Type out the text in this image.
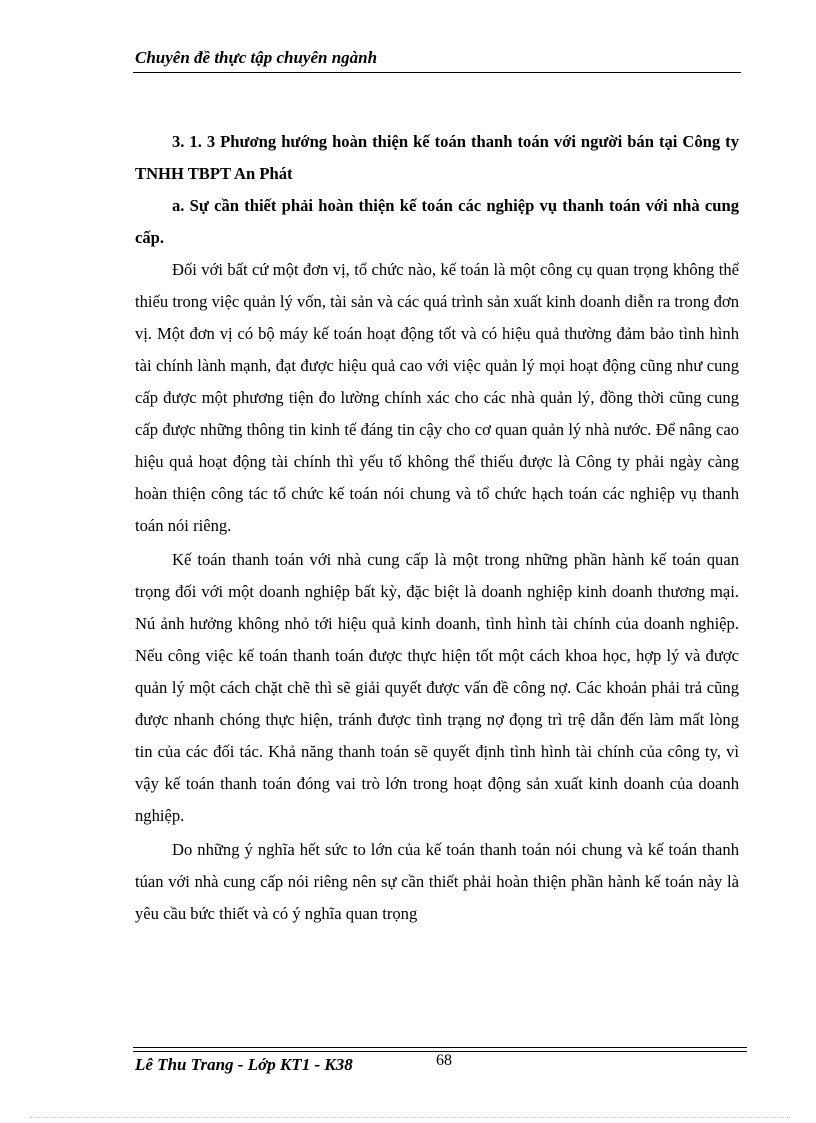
Chuyên đề thực tập chuyên ngành

3. 1. 3 Phương hướng hoàn thiện kế toán thanh toán với người bán tại Công ty TNHH TBPT An Phát

a. Sự cần thiết phải hoàn thiện kế toán các nghiệp vụ thanh toán với nhà cung cấp.

Đối với bất cứ một đơn vị, tổ chức nào, kế toán là một công cụ quan trọng không thể thiếu trong việc quản lý vốn, tài sản và các quá trình sản xuất kinh doanh diễn ra trong đơn vị. Một đơn vị có bộ máy kế toán hoạt động tốt và có hiệu quả thường đảm bảo tình hình tài chính lành mạnh, đạt được hiệu quả cao với việc quản lý mọi hoạt động cũng như cung cấp được một phương tiện đo lường chính xác cho các nhà quản lý, đồng thời cũng cung cấp được những thông tin kinh tế đáng tin cậy cho cơ quan quản lý nhà nước. Để nâng cao hiệu quả hoạt động tài chính thì yếu tố không thể thiếu được là Công ty phải ngày càng hoàn thiện công tác tổ chức kế toán nói chung và tổ chức hạch toán các nghiệp vụ thanh toán nói riêng.

Kế toán thanh toán với nhà cung cấp là một trong những phần hành kế toán quan trọng đối với một doanh nghiệp bất kỳ, đặc biệt là doanh nghiệp kinh doanh thương mại. Nú ảnh hưởng không nhỏ tới hiệu quả kinh doanh, tình hình tài chính của doanh nghiệp. Nếu công việc kế toán thanh toán được thực hiện tốt một cách khoa học, hợp lý và được quản lý một cách chặt chẽ thì sẽ giải quyết được vấn đề công nợ. Các khoản phải trả cũng được nhanh chóng thực hiện, tránh được tình trạng nợ đọng trì trệ dẫn đến làm mất lòng tin của các đối tác. Khả năng thanh toán sẽ quyết định tình hình tài chính của công ty, vì vậy kế toán thanh toán đóng vai trò lớn trong hoạt động sản xuất kinh doanh của doanh nghiệp.

Do những ý nghĩa hết sức to lớn của kế toán thanh toán nói chung và kế toán thanh túan với nhà cung cấp nói riêng nên sự cần thiết phải hoàn thiện phần hành kế toán này là yêu cầu bức thiết và có ý nghĩa quan trọng

Lê Thu Trang - Lớp KT1 - K38	68
